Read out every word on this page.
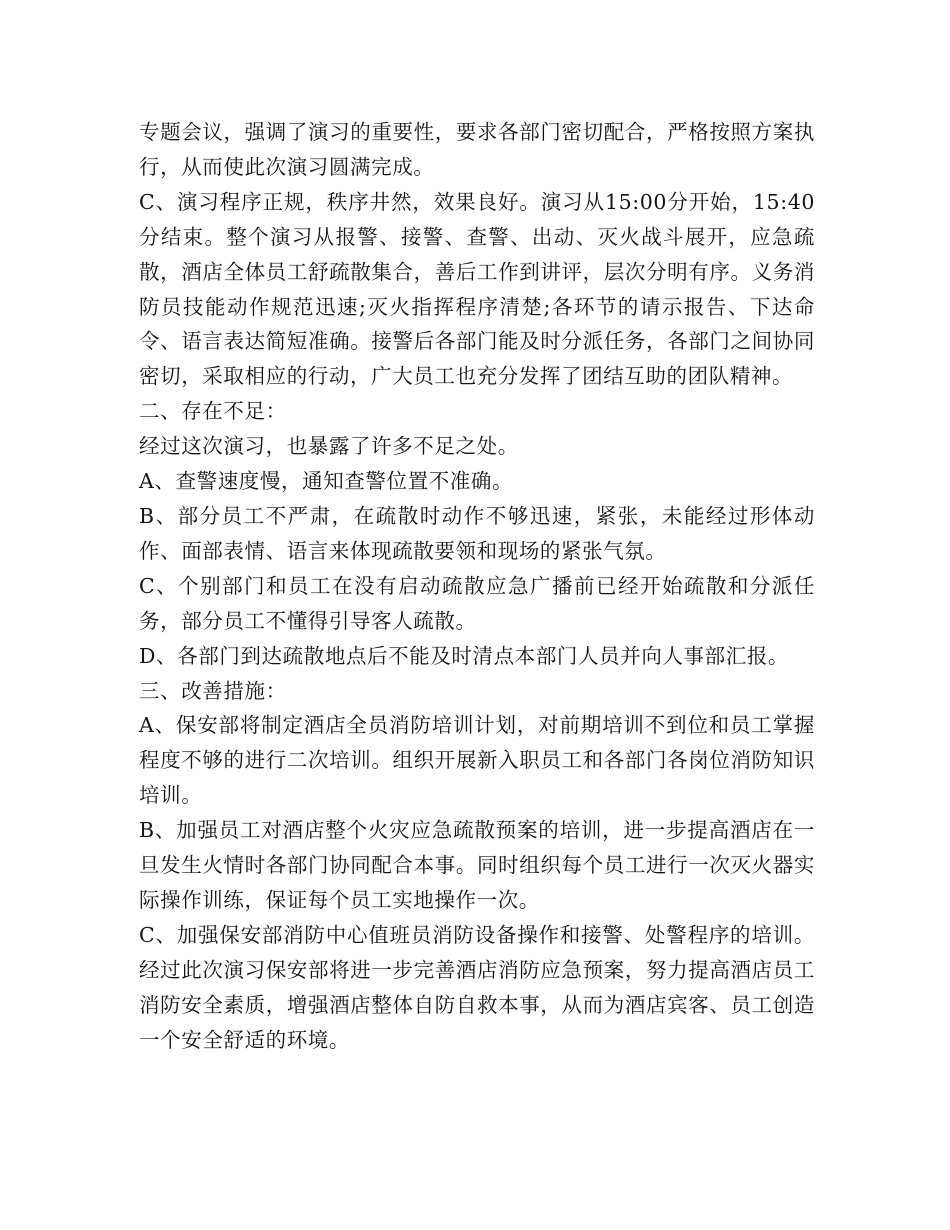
专题会议，强调了演习的重要性，要求各部门密切配合，严格按照方案执行，从而使此次演习圆满完成。

C、演习程序正规，秩序井然，效果良好。演习从15:00分开始，15:40分结束。整个演习从报警、接警、查警、出动、灭火战斗展开，应急疏散，酒店全体员工舒疏散集合，善后工作到讲评，层次分明有序。义务消防员技能动作规范迅速;灭火指挥程序清楚;各环节的请示报告、下达命令、语言表达简短准确。接警后各部门能及时分派任务，各部门之间协同密切，采取相应的行动，广大员工也充分发挥了团结互助的团队精神。

二、存在不足：

经过这次演习，也暴露了许多不足之处。

A、查警速度慢，通知查警位置不准确。

B、部分员工不严肃，在疏散时动作不够迅速，紧张，未能经过形体动作、面部表情、语言来体现疏散要领和现场的紧张气氛。

C、个别部门和员工在没有启动疏散应急广播前已经开始疏散和分派任务，部分员工不懂得引导客人疏散。

D、各部门到达疏散地点后不能及时清点本部门人员并向人事部汇报。

三、改善措施：

A、保安部将制定酒店全员消防培训计划，对前期培训不到位和员工掌握程度不够的进行二次培训。组织开展新入职员工和各部门各岗位消防知识培训。

B、加强员工对酒店整个火灾应急疏散预案的培训，进一步提高酒店在一旦发生火情时各部门协同配合本事。同时组织每个员工进行一次灭火器实际操作训练，保证每个员工实地操作一次。

C、加强保安部消防中心值班员消防设备操作和接警、处警程序的培训。经过此次演习保安部将进一步完善酒店消防应急预案，努力提高酒店员工消防安全素质，增强酒店整体自防自救本事，从而为酒店宾客、员工创造一个安全舒适的环境。
